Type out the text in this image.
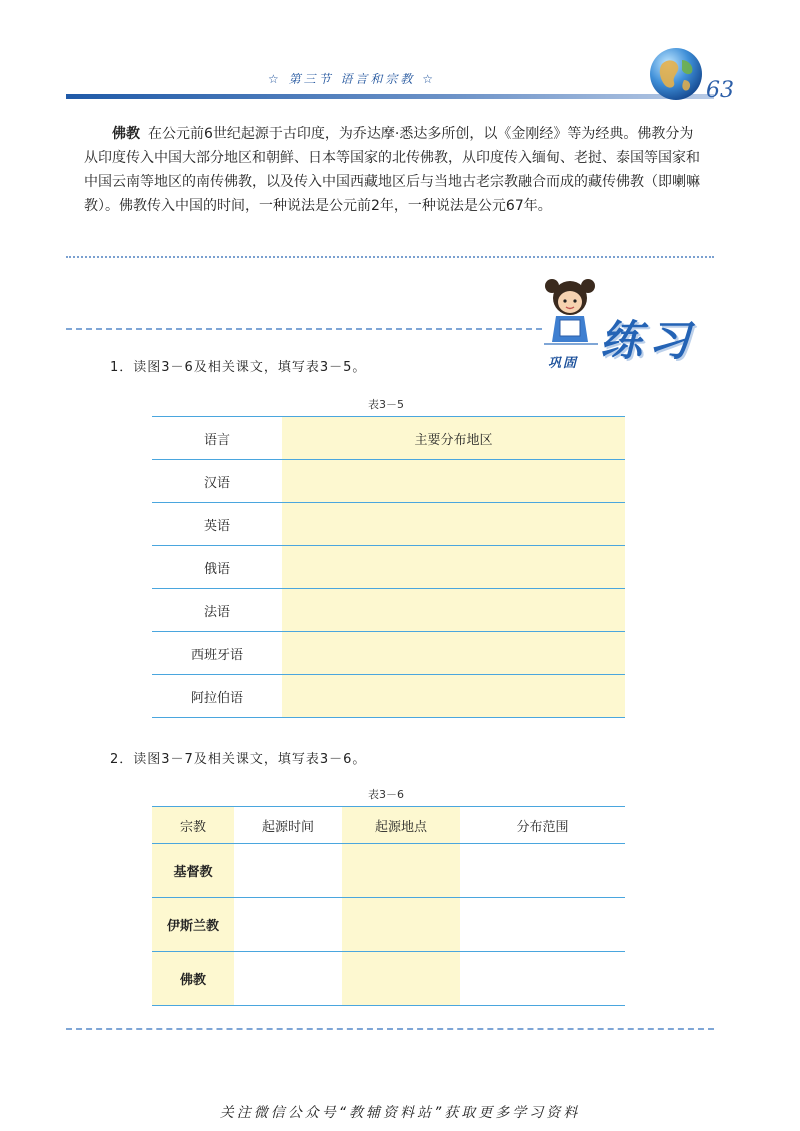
☆ 第三节 语言和宗教 ☆	63
佛教 在公元前6世纪起源于古印度，为乔达摩·悉达多所创，以《金刚经》等为经典。佛教分为从印度传入中国大部分地区和朝鲜、日本等国家的北传佛教，从印度传入缅甸、老挝、泰国等国家和中国云南等地区的南传佛教，以及传入中国西藏地区后与当地古老宗教融合而成的藏传佛教（即喇嘛教）。佛教传入中国的时间，一种说法是公元前2年，一种说法是公元67年。
巩固 练习
1．读图3－6及相关课文，填写表3－5。
表3－5
语言	主要分布地区
汉语	
英语	
俄语	
法语	
西班牙语	
阿拉伯语	
2．读图3－7及相关课文，填写表3－6。
表3－6
宗教	起源时间	起源地点	分布范围
基督教			
伊斯兰教			
佛教			
关注微信公众号“教辅资料站”获取更多学习资料
